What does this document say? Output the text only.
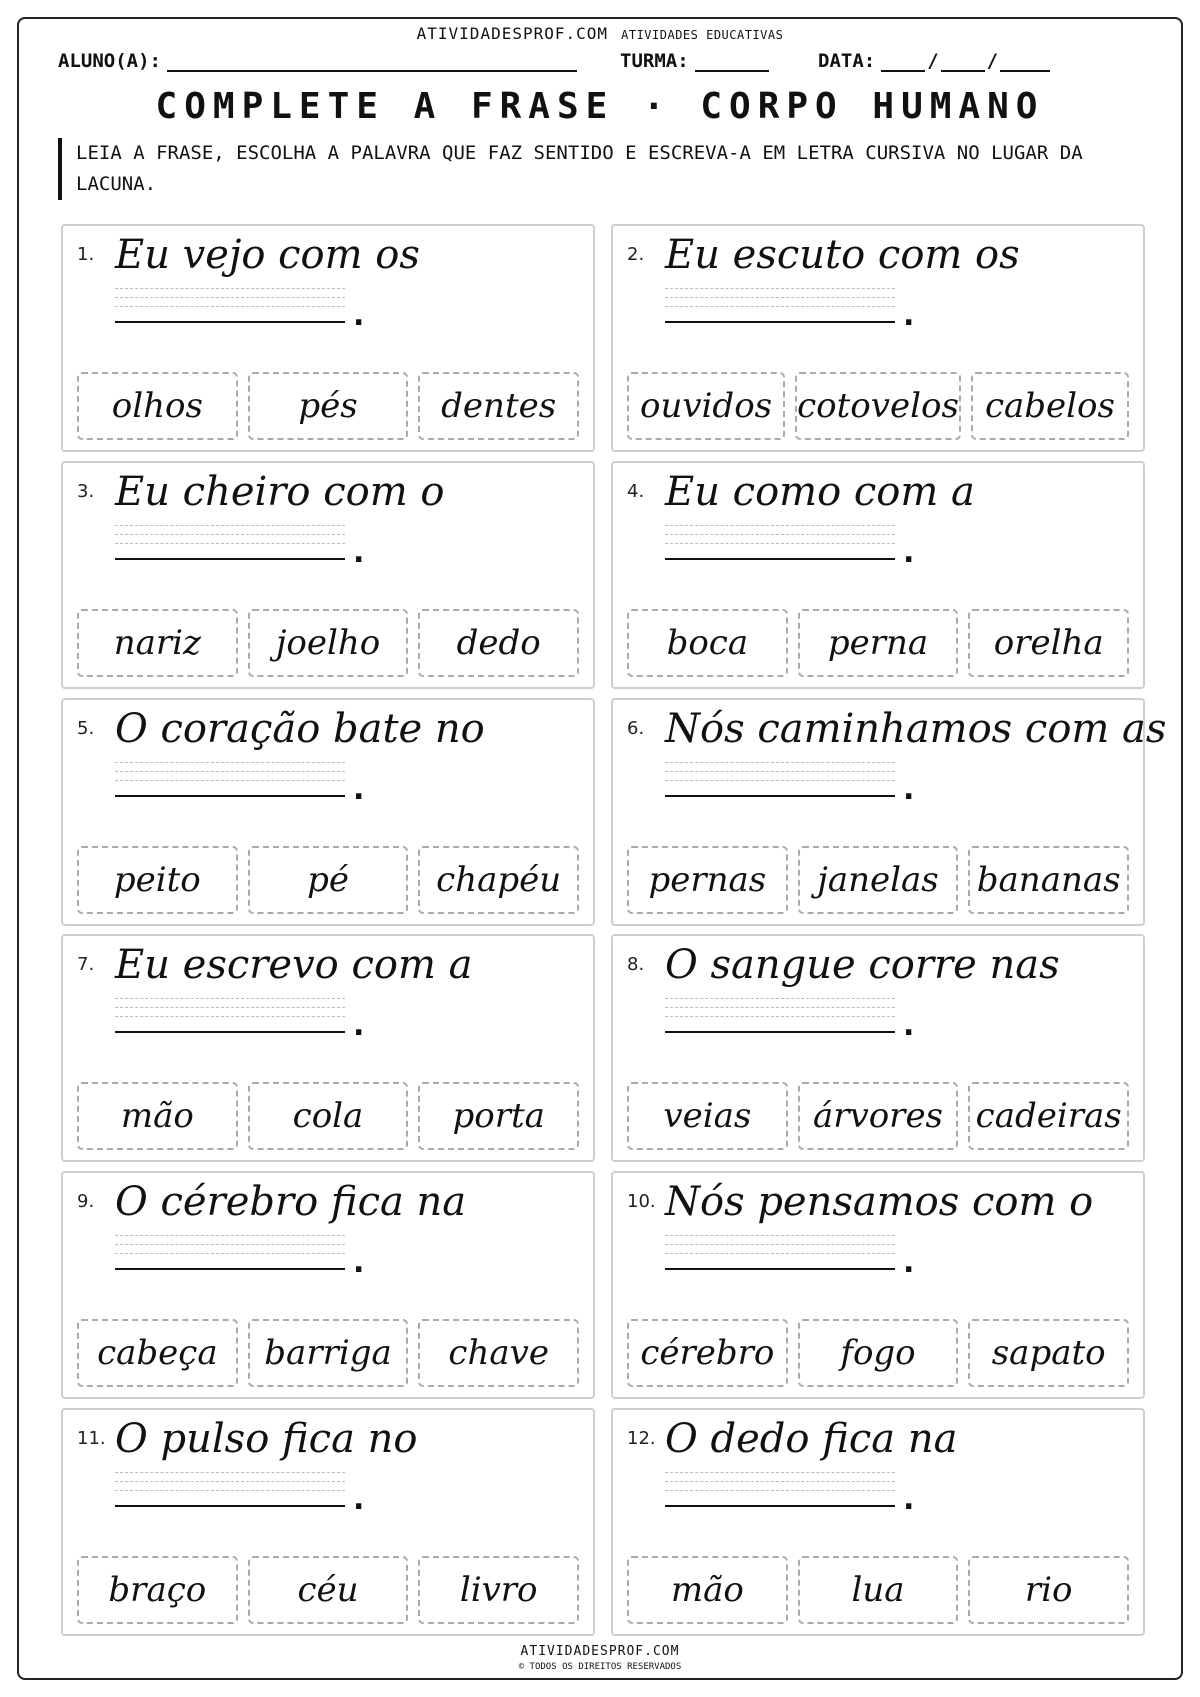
ATIVIDADESPROF.COM ATIVIDADES EDUCATIVAS
ALUNO(A):	TURMA:	DATA:	/	/
COMPLETE A FRASE · CORPO HUMANO
LEIA A FRASE, ESCOLHA A PALAVRA QUE FAZ SENTIDO E ESCREVA-A EM LETRA CURSIVA NO LUGAR DA LACUNA.
1. Eu vejo com os
.
olhos	pés	dentes
2. Eu escuto com os
.
ouvidos cotovelos cabelos
3. Eu cheiro com o
.
nariz	joelho	dedo
4. Eu como com a
.
boca	perna	orelha
5. O coração bate no
.
peito	pé	chapéu
6. Nós caminhamos com as
.
pernas	janelas	bananas
7. Eu escrevo com a
.
mão	cola	porta
8. O sangue corre nas
.
veias	árvores cadeiras
9. O cérebro fica na
.
cabeça	barriga	chave
10. Nós pensamos com o
.
cérebro	fogo	sapato
11. O pulso fica no
.
braço	céu	livro
12. O dedo fica na
.
mão	lua	rio
ATIVIDADESPROF.COM
© TODOS OS DIREITOS RESERVADOS
